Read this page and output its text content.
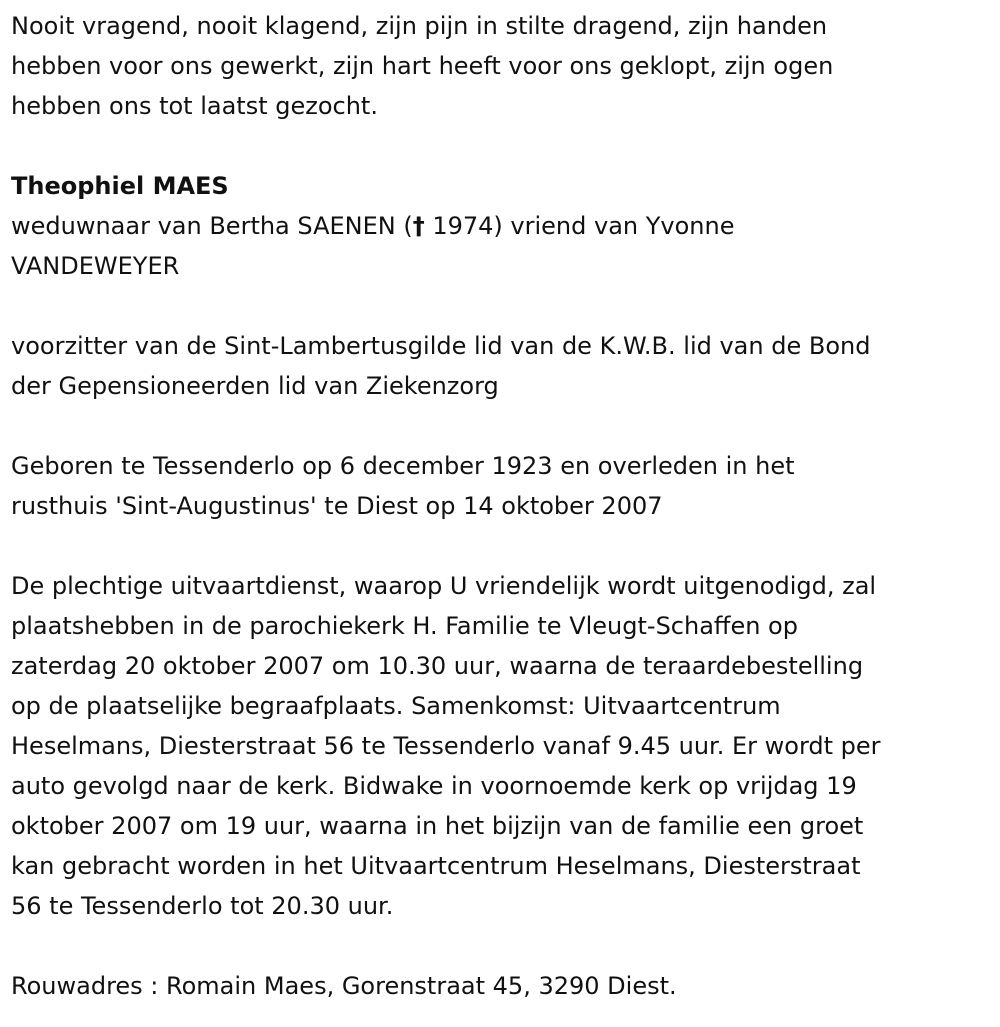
Nooit vragend, nooit klagend, zijn pijn in stilte dragend, zijn handen
hebben voor ons gewerkt, zijn hart heeft voor ons geklopt, zijn ogen
hebben ons tot laatst gezocht.

Theophiel MAES

weduwnaar van Bertha SAENEN († 1974) vriend van Yvonne
VANDEWEYER

voorzitter van de Sint-Lambertusgilde lid van de K.W.B. lid van de Bond
der Gepensioneerden lid van Ziekenzorg

Geboren te Tessenderlo op 6 december 1923 en overleden in het
rusthuis 'Sint-Augustinus' te Diest op 14 oktober 2007

De plechtige uitvaartdienst, waarop U vriendelijk wordt uitgenodigd, zal
plaatshebben in de parochiekerk H. Familie te Vleugt-Schaffen op
zaterdag 20 oktober 2007 om 10.30 uur, waarna de teraardebestelling
op de plaatselijke begraafplaats. Samenkomst: Uitvaartcentrum
Heselmans, Diesterstraat 56 te Tessenderlo vanaf 9.45 uur. Er wordt per
auto gevolgd naar de kerk. Bidwake in voornoemde kerk op vrijdag 19
oktober 2007 om 19 uur, waarna in het bijzijn van de familie een groet
kan gebracht worden in het Uitvaartcentrum Heselmans, Diesterstraat
56 te Tessenderlo tot 20.30 uur.

Rouwadres : Romain Maes, Gorenstraat 45, 3290 Diest.
